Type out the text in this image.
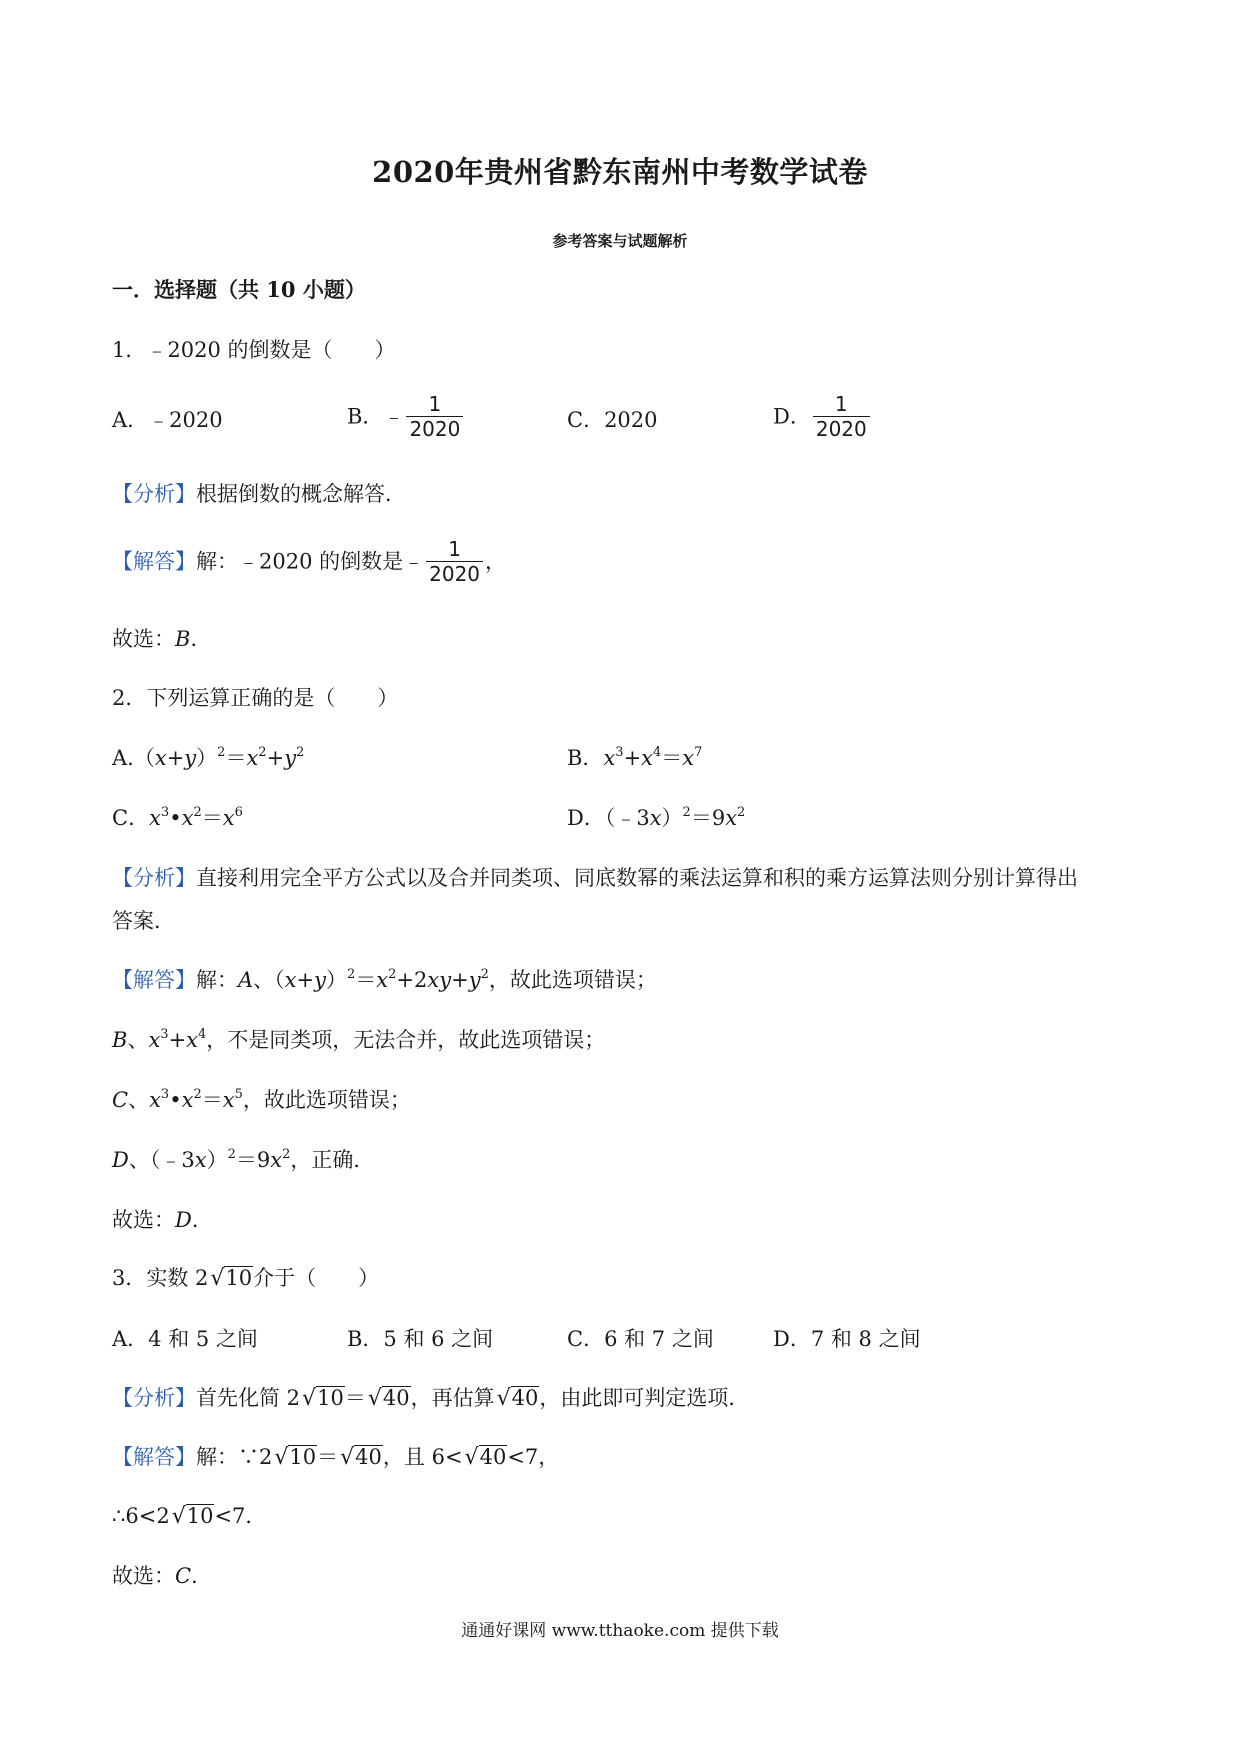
2020年贵州省黔东南州中考数学试卷
参考答案与试题解析
一．选择题（共 10 小题）
1．﹣2020 的倒数是（　　）
A．﹣2020	B．﹣ $\frac{1}{2020}$	C．2020	D． $\frac{1}{2020}$
【分析】根据倒数的概念解答．
【解答】解：﹣2020 的倒数是﹣ $\frac{1}{2020}$ ，
故选：B．
2．下列运算正确的是（　　）
$A.(x+y)^2=x^2+y^2$	B．$x^3+x^4=x^7$
C．$x^3•x^2=x^6$	D．$(﹣3x)^2=9x^2$
【分析】直接利用完全平方公式以及合并同类项、同底数幂的乘法运算和积的乘方运算法则分别计算得出
答案．
【解答】解：A、$(x+y)^2=x^2+2xy+y^2$，故此选项错误；
B、$x^3+x^4$，不是同类项，无法合并，故此选项错误；
C、$x^3•x^2=x^5$，故此选项错误；
D、$(﹣3x)^2=9x^2$，正确．
故选：D．
3．实数 2√10介于（　　）
A．4 和 5 之间	B．5 和 6 之间	C．6 和 7 之间	D．7 和 8 之间
【分析】首先化简 2√10＝√40，再估算√40，由此即可判定选项．
【解答】解：∵2√10＝√40，且 6<√40<7，
∴6<2√10<7．
故选：C．
通通好课网 www.tthaoke.com 提供下载
